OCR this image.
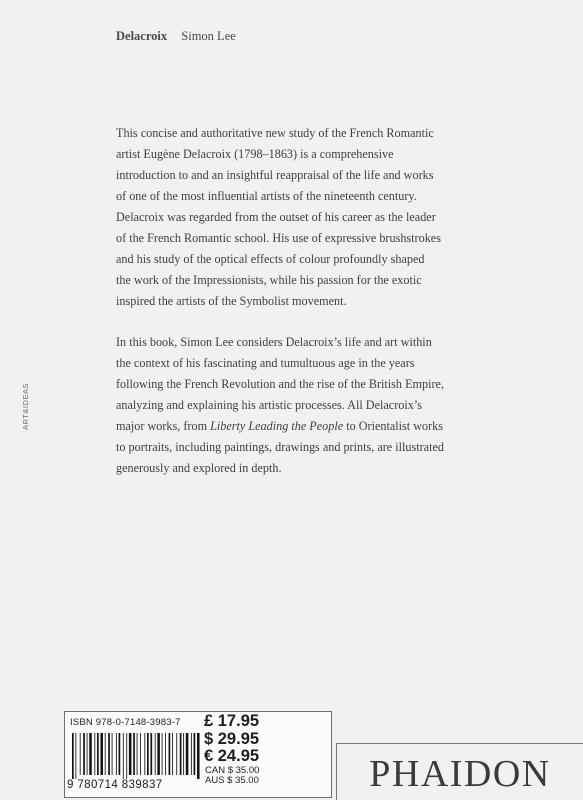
Delacroix Simon Lee
This concise and authoritative new study of the French Romantic
artist Eugène Delacroix (1798–1863) is a comprehensive
introduction to and an insightful reappraisal of the life and works
of one of the most influential artists of the nineteenth century.
Delacroix was regarded from the outset of his career as the leader
of the French Romantic school. His use of expressive brushstrokes
and his study of the optical effects of colour profoundly shaped
the work of the Impressionists, while his passion for the exotic
inspired the artists of the Symbolist movement.
In this book, Simon Lee considers Delacroix’s life and art within
the context of his fascinating and tumultuous age in the years
following the French Revolution and the rise of the British Empire,
analyzing and explaining his artistic processes. All Delacroix’s
major works, from Liberty Leading the People to Orientalist works
to portraits, including paintings, drawings and prints, are illustrated
generously and explored in depth.
ART&IDEAS
ISBN 978-0-7148-3983-7
9 780714 839837
£ 17.95
$ 29.95
€ 24.95
CAN $ 35.00
AUS $ 35.00	PHAIDON
